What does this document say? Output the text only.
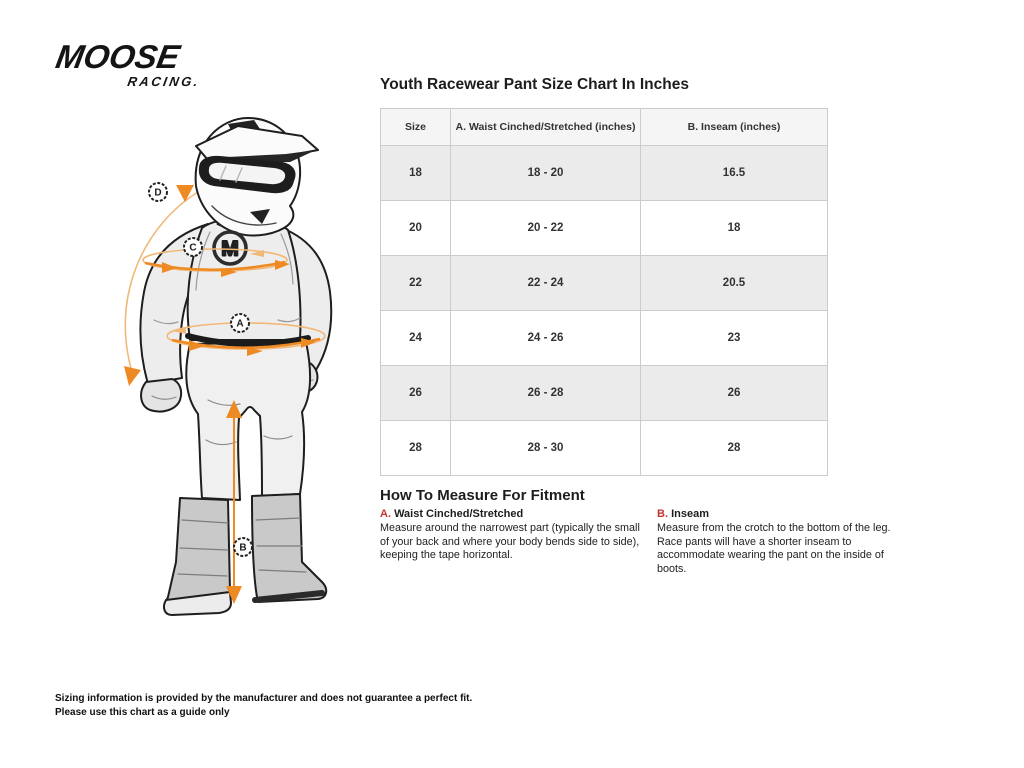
MOOSE
RACING.
M
D
C
A
B
Youth Racewear Pant Size Chart In Inches
Size	A. Waist Cinched/Stretched (inches)	B. Inseam (inches)
18	18 - 20	16.5
20	20 - 22	18
22	22 - 24	20.5
24	24 - 26	23
26	26 - 28	26
28	28 - 30	28
How To Measure For Fitment
A. Waist Cinched/Stretched
Measure around the narrowest part (typically the small of your back and where your body bends side to side), keeping the tape horizontal.
B. Inseam
Measure from the crotch to the bottom of the leg. Race pants will have a shorter inseam to accommodate wearing the pant on the inside of boots.
Sizing information is provided by the manufacturer and does not guarantee a perfect fit.
Please use this chart as a guide only
